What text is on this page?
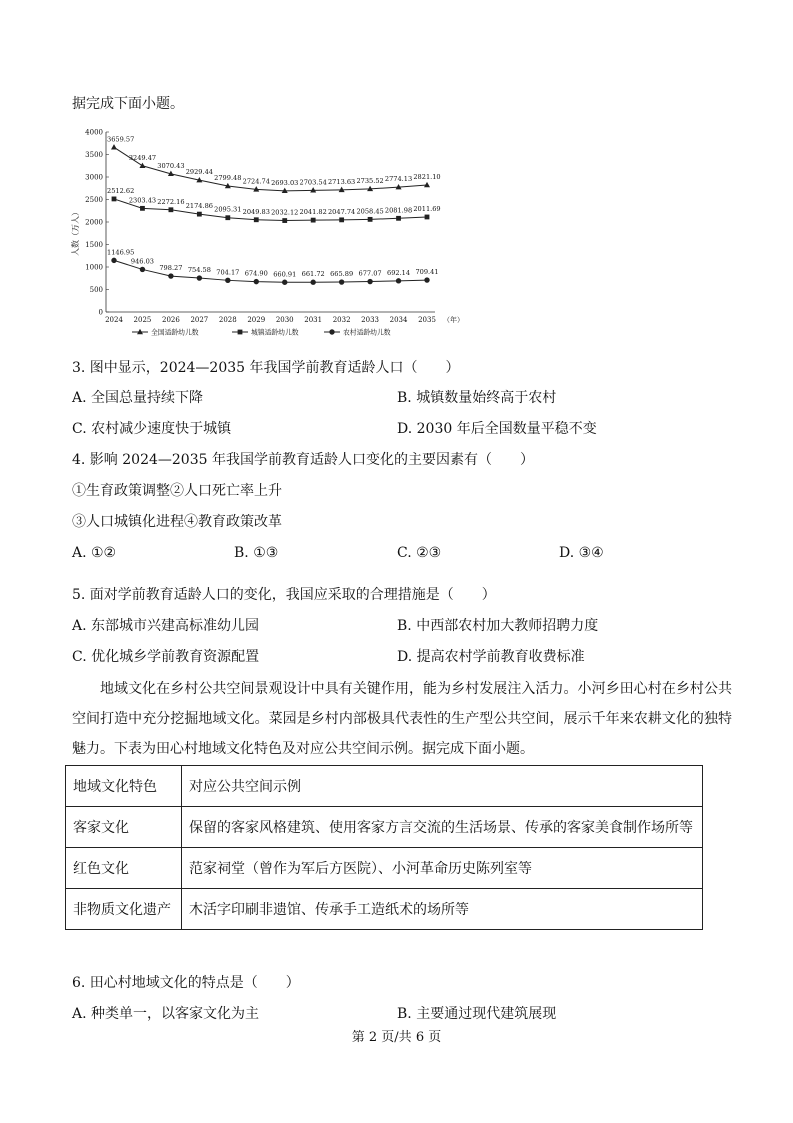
据完成下面小题。
人数（万人）
0
500
1000
1500
2000
2500
3000
3500
4000
2024 2025 2026 2027 2028 2029 2030 2031 2032 2033 2034 2035 （年）
3659.57
3249.47
3070.43
2929.44
2799.48 2724.74 2693.03 2703.54 2713.63 2735.52 2774.13 2821.10
2512.62
2303.43 2272.16
2174.86 2095.31 2049.83 2032.12 2041.82 2047.74 2058.45 2081.98 2011.69
1146.95
946.03
798.27 754.58 704.17 674.90 660.91 661.72 665.89 677.07 692.14 709.41
全国适龄幼儿数	城镇适龄幼儿数	农村适龄幼儿数
3. 图中显示，2024—2035 年我国学前教育适龄人口（　　）
A. 全国总量持续下降	B. 城镇数量始终高于农村
C. 农村减少速度快于城镇	D. 2030 年后全国数量平稳不变
4. 影响 2024—2035 年我国学前教育适龄人口变化的主要因素有（　　）
①生育政策调整②人口死亡率上升
③人口城镇化进程④教育政策改革
A. ①②	B. ①③	C. ②③	D. ③④
5. 面对学前教育适龄人口的变化，我国应采取的合理措施是（　　）
A. 东部城市兴建高标准幼儿园	B. 中西部农村加大教师招聘力度
C. 优化城乡学前教育资源配置	D. 提高农村学前教育收费标准
地域文化在乡村公共空间景观设计中具有关键作用，能为乡村发展注入活力。小河乡田心村在乡村公共空间打造中充分挖掘地域文化。菜园是乡村内部极具代表性的生产型公共空间，展示千年来农耕文化的独特魅力。下表为田心村地域文化特色及对应公共空间示例。据完成下面小题。
地域文化特色	对应公共空间示例
客家文化	保留的客家风格建筑、使用客家方言交流的生活场景、传承的客家美食制作场所等
红色文化	范家祠堂（曾作为军后方医院）、小河革命历史陈列室等
非物质文化遗产	木活字印刷非遗馆、传承手工造纸术的场所等
6. 田心村地域文化的特点是（　　）
A. 种类单一，以客家文化为主	B. 主要通过现代建筑展现
第 2 页/共 6 页
